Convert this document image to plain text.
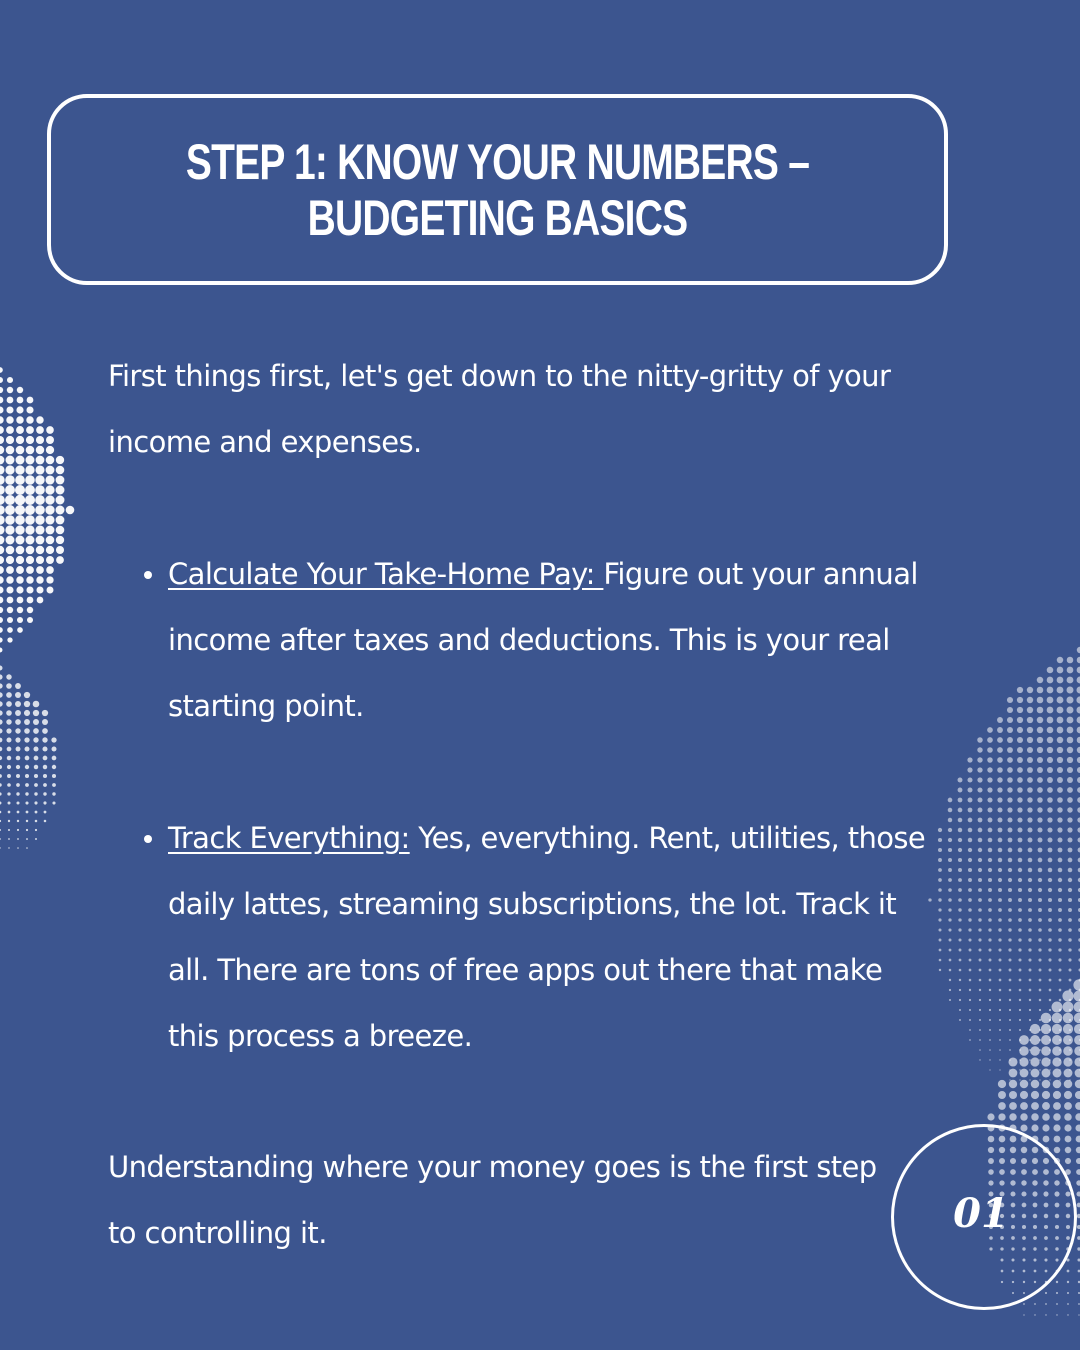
STEP 1: KNOW YOUR NUMBERS – BUDGETING BASICS

First things first, let's get down to the nitty-gritty of your income and expenses.

Calculate Your Take-Home Pay: Figure out your annual income after taxes and deductions. This is your real starting point.
Track Everything: Yes, everything. Rent, utilities, those daily lattes, streaming subscriptions, the lot. Track it all. There are tons of free apps out there that make this process a breeze.

Understanding where your money goes is the first step to controlling it.	01
